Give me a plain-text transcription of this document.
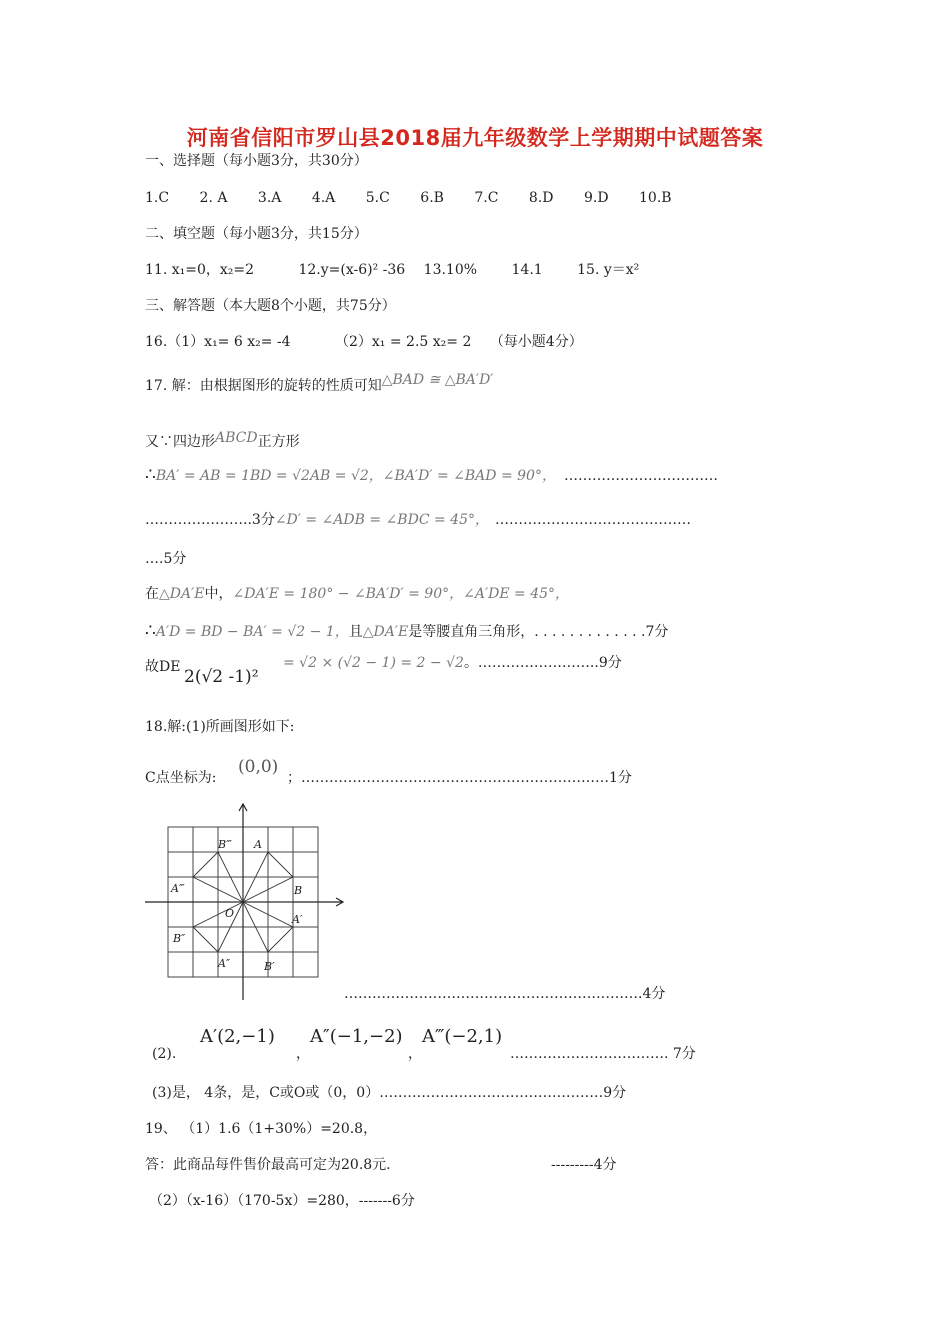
河南省信阳市罗山县2018届九年级数学上学期期中试题答案
一、选择题（每小题3分，共30分）
1.C 2. A 3.A 4.A 5.C 6.B 7.C 8.D 9.D 10.B
二、填空题（每小题3分，共15分）
11. x₁=0，x₂=2	12.y=(x-6)² -36 13.10% 14.1 15. y＝x²
三、解答题（本大题8个小题，共75分）
16.（1）x₁= 6 x₂= -4	（2）x₁ = 2.5 x₂= 2 （每小题4分）
17. 解：由根据图形的旋转的性质可知△BAD ≅ △BA′D′
又∵四边形ABCD正方形
∴BA′ = AB = 1BD = √2AB = √2，∠BA′D′ = ∠BAD = 90°， ……………………………
…………………..3分∠D′ = ∠ADB = ∠BDC = 45°， ……………………………………
….5分
在△DA′E中，∠DA′E = 180° − ∠BA′D′ = 90°，∠A′DE = 45°，
∴A′D = BD − BA′ = √2 − 1，且△DA′E是等腰直角三角形，. . . . . . . . . . . . .7分
故DE 2(√2 -1)²
= √2 × (√2 − 1) = 2 − √2。……………………..9分
18.解:(1)所画图形如下:
C点坐标为:
(0,0)
；…………………………………………………………1分
B‴ A
B
A‴
O	A′
B″
A″	B′
……………………………………………………….4分
(2).
A′(2,−1)
，
A″(−1,−2)
，
A‴(−2,1)
……………………………. 7分
(3)是， 4条，是，C或O或（0，0）…………………………………………9分
19、 （1）1.6（1+30%）=20.8，
答：此商品每件售价最高可定为20.8元.	---------4分
（2）（x-16）（170-5x）=280，-------6分
